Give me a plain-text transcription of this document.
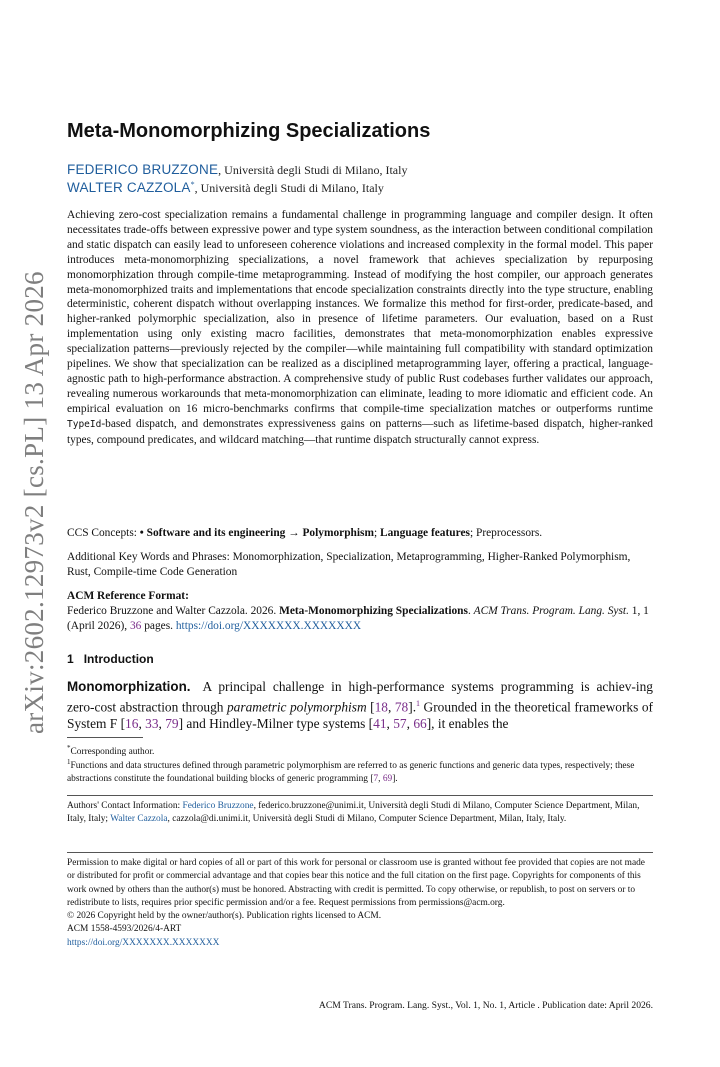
arXiv:2602.12973v2 [cs.PL] 13 Apr 2026
Meta-Monomorphizing Specializations
FEDERICO BRUZZONE, Università degli Studi di Milano, Italy
WALTER CAZZOLA*, Università degli Studi di Milano, Italy
Achieving zero-cost specialization remains a fundamental challenge in programming language and compiler design. It often necessitates trade-offs between expressive power and type system soundness, as the interaction between conditional compilation and static dispatch can easily lead to unforeseen coherence violations and increased complexity in the formal model. This paper introduces meta-monomorphizing specializations, a novel framework that achieves specialization by repurposing monomorphization through compile-time metaprogramming. Instead of modifying the host compiler, our approach generates meta-monomorphized traits and implementations that encode specialization constraints directly into the type structure, enabling deterministic, coherent dispatch without overlapping instances. We formalize this method for first-order, predicate-based, and higher-ranked polymorphic specialization, also in presence of lifetime parameters. Our evaluation, based on a Rust implementation using only existing macro facilities, demonstrates that meta-monomorphization enables expressive specialization patterns—previously rejected by the compiler—while maintaining full compatibility with standard optimization pipelines. We show that specialization can be realized as a disciplined metaprogramming layer, offering a practical, language-agnostic path to high-performance abstraction. A comprehensive study of public Rust codebases further validates our approach, revealing numerous workarounds that meta-monomorphization can eliminate, leading to more idiomatic and efficient code. An empirical evaluation on 16 micro-benchmarks confirms that compile-time specialization matches or outperforms runtime TypeId-based dispatch, and demonstrates expressiveness gains on patterns—such as lifetime-based dispatch, higher-ranked types, compound predicates, and wildcard matching—that runtime dispatch structurally cannot express.
CCS Concepts: • Software and its engineering → Polymorphism; Language features; Preprocessors.
Additional Key Words and Phrases: Monomorphization, Specialization, Metaprogramming, Higher-Ranked Polymorphism, Rust, Compile-time Code Generation
ACM Reference Format:
Federico Bruzzone and Walter Cazzola. 2026. Meta-Monomorphizing Specializations. ACM Trans. Program. Lang. Syst. 1, 1 (April 2026), 36 pages. https://doi.org/XXXXXXX.XXXXXXX
1 Introduction
Monomorphization. A principal challenge in high-performance systems programming is achiev-ing zero-cost abstraction through parametric polymorphism [18, 78].$^1$ Grounded in the theoretical frameworks of System F [16, 33, 79] and Hindley-Milner type systems [41, 57, 66], it enables the
*Corresponding author.
$^1$Functions and data structures defined through parametric polymorphism are referred to as generic functions and generic data types, respectively; these abstractions constitute the foundational building blocks of generic programming [7, 69].
Authors' Contact Information: Federico Bruzzone, federico.bruzzone@unimi.it, Università degli Studi di Milano, Computer Science Department, Milan, Italy, Italy; Walter Cazzola, cazzola@di.unimi.it, Università degli Studi di Milano, Computer Science Department, Milan, Italy, Italy.
Permission to make digital or hard copies of all or part of this work for personal or classroom use is granted without fee provided that copies are not made or distributed for profit or commercial advantage and that copies bear this notice and the full citation on the first page. Copyrights for components of this work owned by others than the author(s) must be honored. Abstracting with credit is permitted. To copy otherwise, or republish, to post on servers or to redistribute to lists, requires prior specific permission and/or a fee. Request permissions from permissions@acm.org.
© 2026 Copyright held by the owner/author(s). Publication rights licensed to ACM.
ACM 1558-4593/2026/4-ART
https://doi.org/XXXXXXX.XXXXXXX
ACM Trans. Program. Lang. Syst., Vol. 1, No. 1, Article . Publication date: April 2026.
